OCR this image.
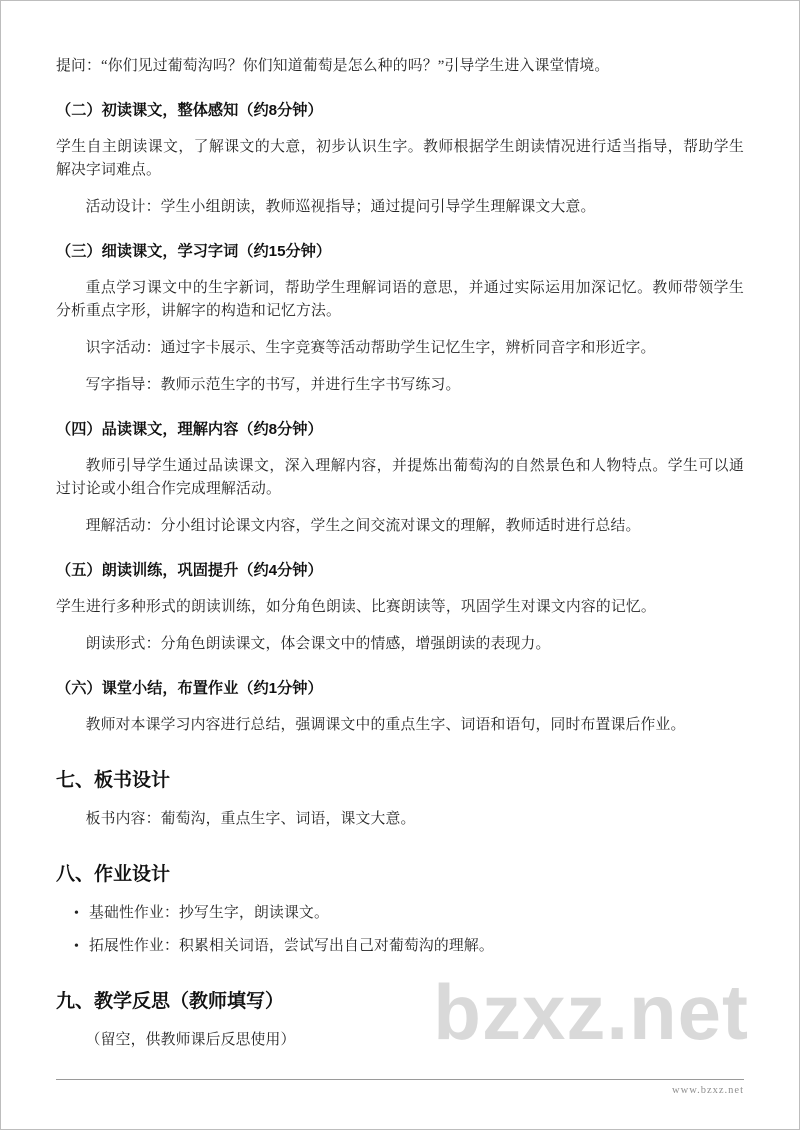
bzxz.net
提问：“你们见过葡萄沟吗？你们知道葡萄是怎么种的吗？”引导学生进入课堂情境。
（二）初读课文，整体感知（约8分钟）
学生自主朗读课文，了解课文的大意，初步认识生字。教师根据学生朗读情况进行适当指导，帮助学生解决字词难点。
活动设计：学生小组朗读，教师巡视指导；通过提问引导学生理解课文大意。
（三）细读课文，学习字词（约15分钟）
重点学习课文中的生字新词，帮助学生理解词语的意思，并通过实际运用加深记忆。教师带领学生分析重点字形，讲解字的构造和记忆方法。
识字活动：通过字卡展示、生字竞赛等活动帮助学生记忆生字，辨析同音字和形近字。
写字指导：教师示范生字的书写，并进行生字书写练习。
（四）品读课文，理解内容（约8分钟）
教师引导学生通过品读课文，深入理解内容，并提炼出葡萄沟的自然景色和人物特点。学生可以通过讨论或小组合作完成理解活动。
理解活动：分小组讨论课文内容，学生之间交流对课文的理解，教师适时进行总结。
（五）朗读训练，巩固提升（约4分钟）
学生进行多种形式的朗读训练，如分角色朗读、比赛朗读等，巩固学生对课文内容的记忆。
朗读形式：分角色朗读课文，体会课文中的情感，增强朗读的表现力。
（六）课堂小结，布置作业（约1分钟）
教师对本课学习内容进行总结，强调课文中的重点生字、词语和语句，同时布置课后作业。
七、板书设计
板书内容：葡萄沟，重点生字、词语，课文大意。
八、作业设计
•
基础性作业：抄写生字，朗读课文。
•
拓展性作业：积累相关词语，尝试写出自己对葡萄沟的理解。
九、教学反思（教师填写）
（留空，供教师课后反思使用）
www.bzxz.net
